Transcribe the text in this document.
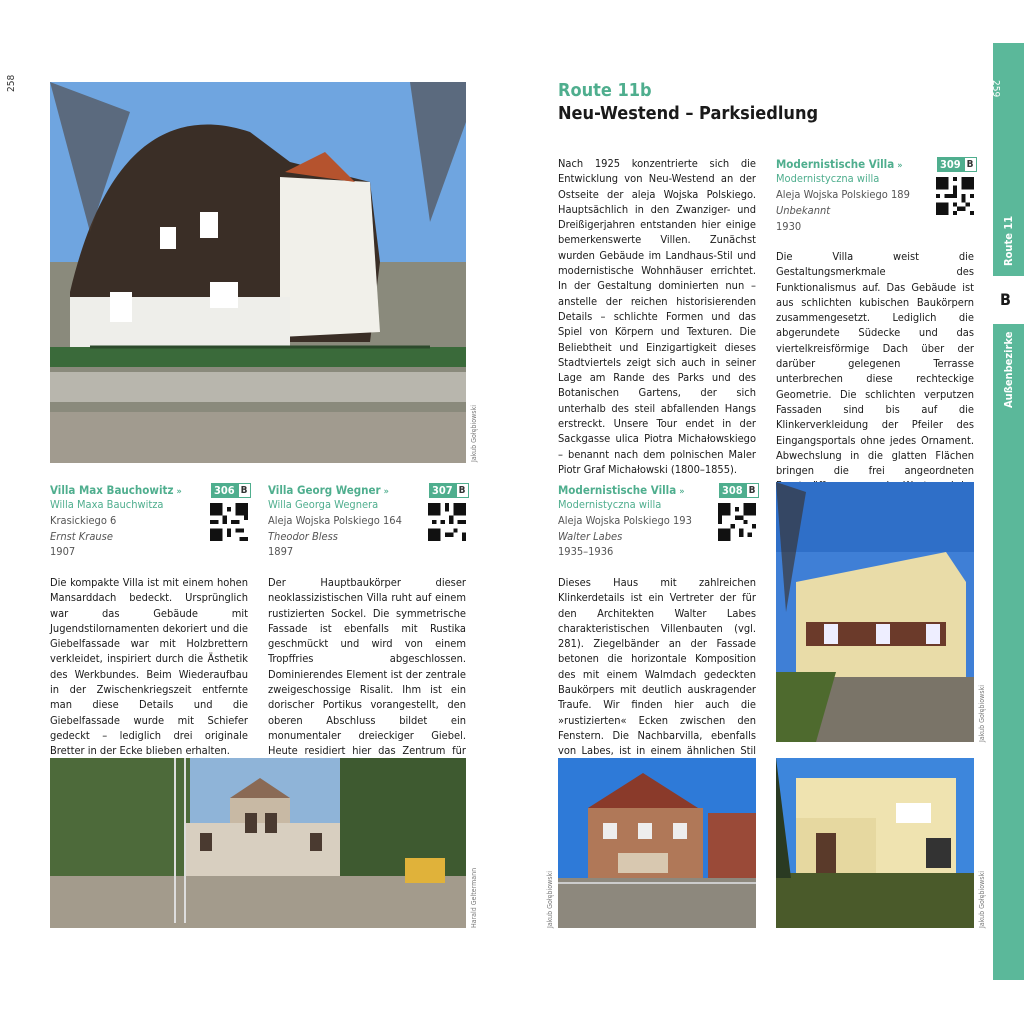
258	259
Route 11
B
Außenbezirke
Jakub Gołębiowski
Route 11b
Neu-Westend – Parksiedlung
Nach 1925 konzentrierte sich die Entwicklung von Neu-Westend an der Ostseite der aleja Wojska Polskiego. Hauptsächlich in den Zwanziger- und Dreißigerjahren entstanden hier einige bemerkenswerte Villen. Zunächst wurden Gebäude im Landhaus-Stil und modernistische Wohnhäuser errichtet. In der Gestaltung dominierten nun – anstelle der reichen historisierenden Details – schlichte Formen und das Spiel von Körpern und Texturen. Die Beliebtheit und Einzigartigkeit dieses Stadtviertels zeigt sich auch in seiner Lage am Rande des Parks und des Botanischen Gartens, der sich unterhalb des steil abfallenden Hangs erstreckt. Unsere Tour endet in der Sackgasse ulica Piotra Michałowskiego – benannt nach dem polnischen Maler Piotr Graf Michałowski (1800–1855).
Modernistische Villa »	309 B
Modernistyczna willa
Aleja Wojska Polskiego 189
Unbekannt
1930
Die Villa weist die Gestaltungsmerkmale des Funktionalismus auf. Das Gebäude ist aus schlichten kubischen Baukörpern zusammengesetzt. Lediglich die abgerundete Südecke und das viertelkreisförmige Dach über der darüber gelegenen Terrasse unterbrechen diese rechteckige Geometrie. Die schlichten verputzen Fassaden sind bis auf die Klinkerverkleidung der Pfeiler des Eingangsportals ohne jedes Ornament. Abwechslung in die glatten Flächen bringen die frei angeordneten
Villa Max Bauchowitz »	306 B
Willa Maxa Bauchwitza
Krasickiego 6
Ernst Krause
1907
Die kompakte Villa ist mit einem hohen Mansarddach bedeckt. Ursprünglich war das Gebäude mit Jugendstilornamenten dekoriert und die Giebelfassade war mit Holzbrettern verkleidet, inspiriert durch die Ästhetik des Werkbundes. Beim Wiederaufbau in der Zwischenkriegszeit entfernte man diese Details und die Giebelfassade wurde mit Schiefer gedeckt – lediglich drei originale Bretter in der Ecke blieben erhalten.
Villa Georg Wegner »	307 B
Willa Georga Wegnera
Aleja Wojska Polskiego 164
Theodor Bless
1897
Der Hauptbaukörper dieser neoklassizistischen Villa ruht auf einem rustizierten Sockel. Die symmetrische Fassade ist ebenfalls mit Rustika geschmückt und wird von einem Tropffries abgeschlossen. Dominierendes Element ist der zentrale zweigeschossige Risalit. Ihm ist ein dorischer Portikus vorangestellt, den oberen Abschluss bildet ein monumentaler dreieckiger Giebel. Heute residiert hier das Zentrum für
Modernistische Villa »	308 B
Modernistyczna willa
Aleja Wojska Polskiego 193
Walter Labes
1935–1936
Dieses Haus mit zahlreichen Klinkerdetails ist ein Vertreter der für den Architekten Walter Labes charakteristischen Villenbauten (vgl. 281). Ziegelbänder an der Fassade betonen die horizontale Komposition des mit einem Walmdach gedeckten Baukörpers mit deutlich auskragender Traufe. Wir finden hier auch die »rustizierten« Ecken zwischen den Fenstern. Die Nachbarvilla, ebenfalls von Labes, ist in einem ähnlichen Stil
Harald Geltermann
Jakub Gołębiowski
Jakub Gołębiowski	Jakub Gołębiowski
